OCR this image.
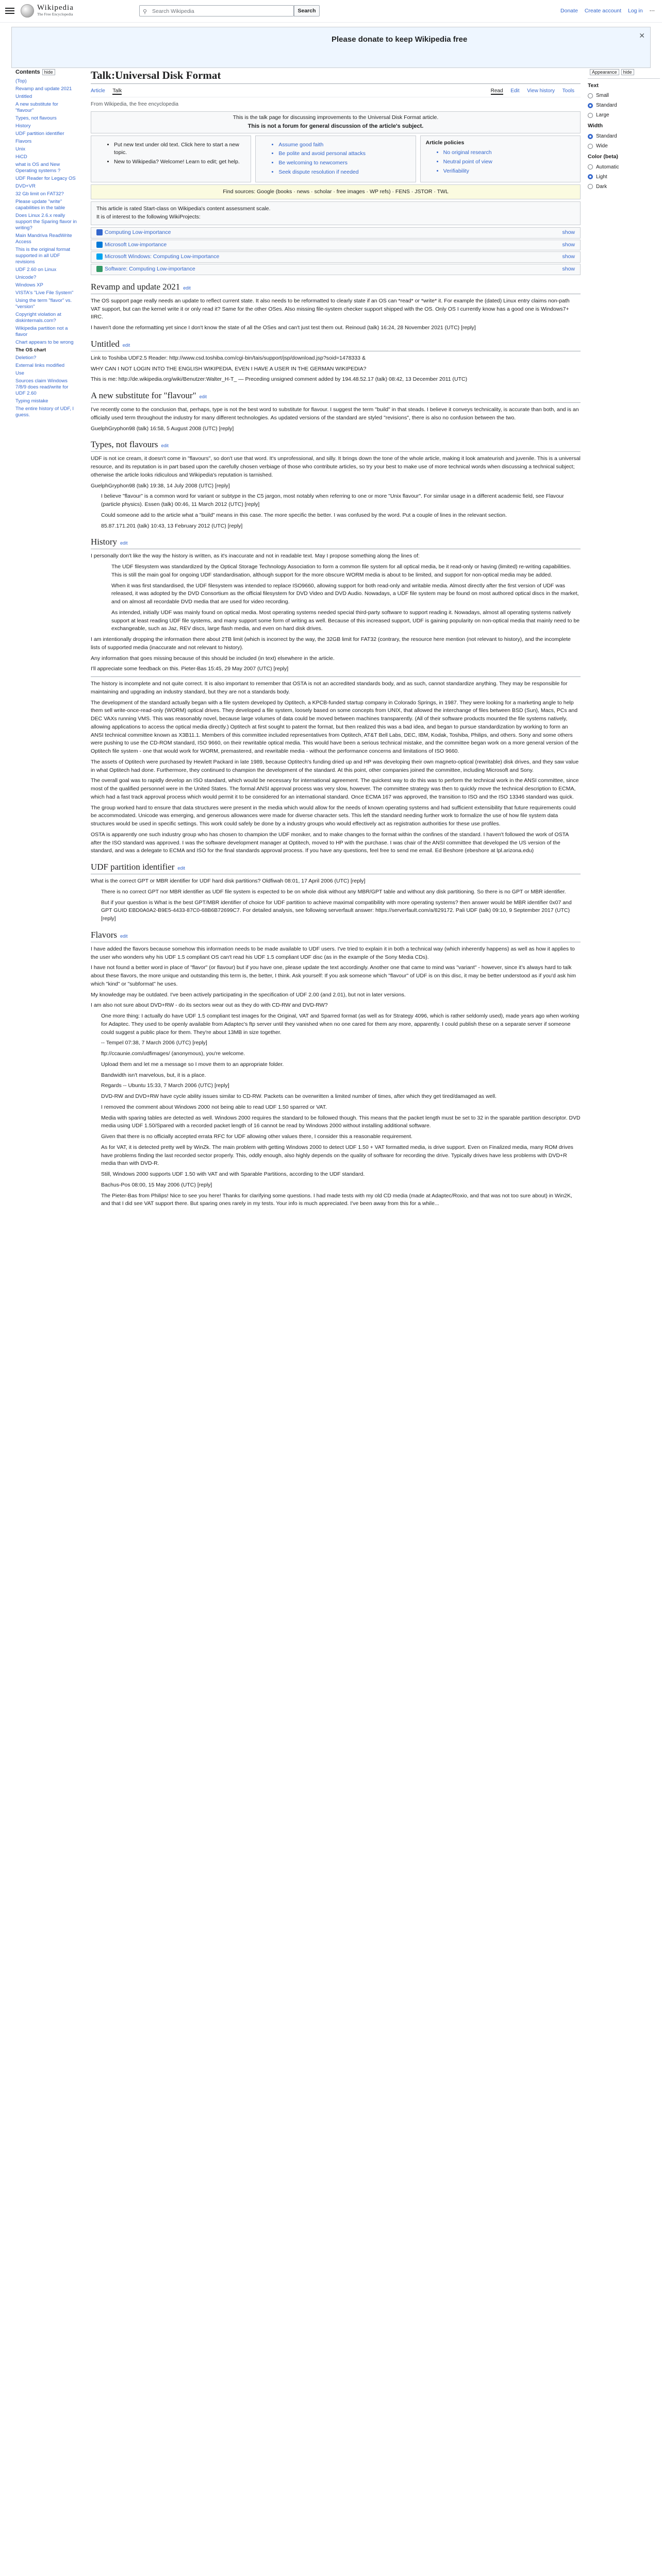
Wikipedia
The Free Encyclopedia	⚲ Search Wikipedia	Search	Donate Create account Log in ⋯
Please donate to keep Wikipedia free	✕
Contents hide
(Top)
Revamp and update 2021
Untitled
A new substitute for "flavour"
Types, not flavours
History
UDF partition identifier
Flavors
Unix
HiCD
what is OS and New Operating systems ?
UDF Reader for Legacy OS
DVD+VR
32 Gb limit on FAT32?
Please update "write" capabilities in the table
Does Linux 2.6.x really support the Sparing flavor in writing?
Main Mandriva ReadWrite Access
This is the original format supported in all UDF revisions
UDF 2.60 on Linux
Unicode?
Windows XP
VISTA's "Live File System"
Using the term "flavor" vs. "version"
Copyright violation at diskinternals.com?
Wikipedia partition not a flavor
Chart appears to be wrong
The OS chart
Deletion?
External links modified
Use
Sources claim Windows 7/8/9 does read/write for UDF 2.60
Typing mistake
The entire history of UDF, I guess.
Appearance hide
Text
Small
Standard
Large
Width
Standard
Wide
Color (beta)
Automatic
Light
Dark
Talk:Universal Disk Format
Article Talk	Read Edit View history Tools
From Wikipedia, the free encyclopedia
This is the talk page for discussing improvements to the Universal Disk Format article.
This is not a forum for general discussion of the article's subject.
• Put new text under old text. Click here to start a new topic.
• New to Wikipedia? Welcome! Learn to edit; get help.
• Assume good faith
• Be polite and avoid personal attacks
• Be welcoming to newcomers
• Seek dispute resolution if needed
Article policies
• No original research
• Neutral point of view
• Verifiability
Find sources: Google (books · news · scholar · free images · WP refs) · FENS · JSTOR · TWL
This article is rated Start-class on Wikipedia's content assessment scale.
It is of interest to the following WikiProjects:
Computing Low-importance	show
Microsoft Low-importance	show
Microsoft Windows: Computing Low-importance	show
Software: Computing Low-importance	show
Revamp and update 2021 edit

The OS support page really needs an update to reflect current state. It also needs to be reformatted to clearly state if an OS can *read* or *write* it. For example the (dated) Linux entry claims non-path VAT support, but can the kernel write it or only read it? Same for the other OSes. Also missing file-system checker support shipped with the OS. Only OS I currently know has a good one is Windows7+ IIRC.

I haven't done the reformatting yet since I don't know the state of all the OSes and can't just test them out. Reinoud (talk) 16:24, 28 November 2021 (UTC) [reply]

Untitled edit

Link to Toshiba UDF2.5 Reader: http://www.csd.toshiba.com/cgi-bin/tais/support/jsp/download.jsp?soid=1478333 &

WHY CAN I NOT LOGIN INTO THE ENGLISH WIKIPEDIA, EVEN I HAVE A USER IN THE GERMAN WIKIPEDIA?

This is me: http://de.wikipedia.org/wiki/Benutzer:Walter_H-T_ — Preceding unsigned comment added by 194.48.52.17 (talk) 08:42, 13 December 2011 (UTC)

A new substitute for "flavour" edit

I've recently come to the conclusion that, perhaps, type is not the best word to substitute for flavour. I suggest the term "build" in that steads. I believe it conveys technicality, is accurate than both, and is an officially used term throughout the industry for many different technologies. As updated versions of the standard are styled "revisions", there is also no confusion between the two.

GuelphGryphon98 (talk) 16:58, 5 August 2008 (UTC) [reply]

Types, not flavours edit

UDF is not ice cream, it doesn't come in "flavours", so don't use that word. It's unprofessional, and silly. It brings down the tone of the whole article, making it look amateurish and juvenile. This is a universal resource, and its reputation is in part based upon the carefully chosen verbiage of those who contribute articles, so try your best to make use of more technical words when discussing a technical subject; otherwise the article looks ridiculous and Wikipedia's reputation is tarnished.

GuelphGryphon98 (talk) 19:38, 14 July 2008 (UTC) [reply]

I believe "flavour" is a common word for variant or subtype in the C5 jargon, most notably when referring to one or more "Unix flavour". For similar usage in a different academic field, see Flavour (particle physics). Essen (talk) 00:46, 11 March 2012 (UTC) [reply]

Could someone add to the article what a "build" means in this case. The more specific the better. I was confused by the word. Put a couple of lines in the relevant section.

85.87.171.201 (talk) 10:43, 13 February 2012 (UTC) [reply]

History edit

I personally don't like the way the history is written, as it's inaccurate and not in readable text. May I propose something along the lines of:

The UDF filesystem was standardized by the Optical Storage Technology Association to form a common file system for all optical media, be it read-only or having (limited) re-writing capabilities. This is still the main goal for ongoing UDF standardisation, although support for the more obscure WORM media is about to be limited, and support for non-optical media may be added.

When it was first standardised, the UDF filesystem was intended to replace ISO9660, allowing support for both read-only and writable media. Almost directly after the first version of UDF was released, it was adopted by the DVD Consortium as the official filesystem for DVD Video and DVD Audio. Nowadays, a UDF file system may be found on most authored optical discs in the market, and on almost all recordable DVD media that are used for video recording.

As intended, initially UDF was mainly found on optical media. Most operating systems needed special third-party software to support reading it. Nowadays, almost all operating systems natively support at least reading UDF file systems, and many support some form of writing as well. Because of this increased support, UDF is gaining popularity on non-optical media that mainly need to be exchangeable, such as Jaz, REV discs, large flash media, and even on hard disk drives.

I am intentionally dropping the information there about 2TB limit (which is incorrect by the way, the 32GB limit for FAT32 (contrary, the resource here mention (not relevant to history), and the incomplete lists of supported media (inaccurate and not relevant to history).

Any information that goes missing because of this should be included (in text) elsewhere in the article.

I'll appreciate some feedback on this. Pieter-Bas 15:45, 29 May 2007 (UTC) [reply]

The history is incomplete and not quite correct. It is also important to remember that OSTA is not an accredited standards body, and as such, cannot standardize anything. They may be responsible for maintaining and upgrading an industry standard, but they are not a standards body.

The development of the standard actually began with a file system developed by Optitech, a KPCB-funded startup company in Colorado Springs, in 1987. They were looking for a marketing angle to help them sell write-once-read-only (WORM) optical drives. They developed a file system, loosely based on some concepts from UNIX, that allowed the interchange of files between BSD (Sun), Macs, PCs and DEC VAXs running VMS. This was reasonably novel, because large volumes of data could be moved between machines transparently. (All of their software products mounted the file systems natively, allowing applications to access the optical media directly.) Optitech at first sought to patent the format, but then realized this was a bad idea, and began to pursue standardization by working to form an ANSI technical committee known as X3B11.1. Members of this committee included representatives from Optitech, AT&T Bell Labs, DEC, IBM, Kodak, Toshiba, Philips, and others. Sony and some others were pushing to use the CD-ROM standard, ISO 9660, on their rewritable optical media. This would have been a serious technical mistake, and the committee began work on a more general version of the Optitech file system - one that would work for WORM, premastered, and rewritable media - without the performance concerns and limitations of ISO 9660.

The assets of Optitech were purchased by Hewlett Packard in late 1989, because Optitech's funding dried up and HP was developing their own magneto-optical (rewritable) disk drives, and they saw value in what Optitech had done. Furthermore, they continued to champion the development of the standard. At this point, other companies joined the committee, including Microsoft and Sony.

The overall goal was to rapidly develop an ISO standard, which would be necessary for international agreement. The quickest way to do this was to perform the technical work in the ANSI committee, since most of the qualified personnel were in the United States. The formal ANSI approval process was very slow, however. The committee strategy was then to quickly move the technical description to ECMA, which had a fast track approval process which would permit it to be considered for an international standard. Once ECMA 167 was approved, the transition to ISO and the ISO 13346 standard was quick.

The group worked hard to ensure that data structures were present in the media which would allow for the needs of known operating systems and had sufficient extensibility that future requirements could be accommodated. Unicode was emerging, and generous allowances were made for diverse character sets. This left the standard needing further work to formalize the use of how file system data structures would be used in specific settings. This work could safely be done by a industry groups who would effectively act as registration authorities for these use profiles.

OSTA is apparently one such industry group who has chosen to champion the UDF moniker, and to make changes to the format within the confines of the standard. I haven't followed the work of OSTA after the ISO standard was approved. I was the software development manager at Optitech, moved to HP with the purchase. I was chair of the ANSI committee that developed the US version of the standard, and was a delegate to ECMA and ISO for the final standards approval process. If you have any questions, feel free to send me email. Ed Beshore (ebeshore at lpl.arizona.edu)

UDF partition identifier edit

What is the correct GPT or MBR identifier for UDF hard disk partitions? Oldfiwah 08:01, 17 April 2006 (UTC) [reply]

There is no correct GPT nor MBR identifier as UDF file system is expected to be on whole disk without any MBR/GPT table and without any disk partitioning. So there is no GPT or MBR identifier.

But if your question is What is the best GPT/MBR identifier of choice for UDF partition to achieve maximal compatibility with more operating systems? then answer would be MBR identifier 0x07 and GPT GUID EBD0A0A2-B9E5-4433-87C0-68B6B72699C7. For detailed analysis, see following serverfault answer: https://serverfault.com/a/829172. Pali UDF (talk) 09:10, 9 September 2017 (UTC) [reply]

Flavors edit

I have added the flavors because somehow this information needs to be made available to UDF users. I've tried to explain it in both a technical way (which inherently happens) as well as how it applies to the user who wonders why his UDF 1.5 compliant OS can't read his UDF 1.5 compliant UDF disc (as in the example of the Sony Media CDs).

I have not found a better word in place of "flavor" (or flavour) but if you have one, please update the text accordingly. Another one that came to mind was "variant" - however, since it's always hard to talk about these flavors, the more unique and outstanding this term is, the better, I think. Ask yourself: If you ask someone which "flavour" of UDF is on this disc, it may be better understood as if you'd ask him which "kind" or "subformat" he uses.

My knowledge may be outdated. I've been actively participating in the specification of UDF 2.00 (and 2.01), but not in later versions.

I am also not sure about DVD+RW - do its sectors wear out as they do with CD-RW and DVD-RW?

One more thing: I actually do have UDF 1.5 compliant test images for the Original, VAT and Sparred format (as well as for Strategy 4096, which is rather seldomly used), made years ago when working for Adaptec. They used to be openly available from Adaptec's ftp server until they vanished when no one cared for them any more, apparently. I could publish these on a separate server if someone could suggest a public place for them. They're about 13MB in size together.

-- Tempel 07:38, 7 March 2006 (UTC) [reply]

ftp://ccaunie.com/udfimages/ (anonymous), you're welcome.

Upload them and let me a message so I move them to an appropriate folder.

Bandwidth isn't marvelous, but, it is a place.

Regards -- Ubuntu 15:33, 7 March 2006 (UTC) [reply]

DVD-RW and DVD+RW have cycle ability issues similar to CD-RW. Packets can be overwritten a limited number of times, after which they get tired/damaged as well.

I removed the comment about Windows 2000 not being able to read UDF 1.50 sparred or VAT.

Media with sparing tables are detected as well. Windows 2000 requires the standard to be followed though. This means that the packet length must be set to 32 in the sparable partition descriptor. DVD media using UDF 1.50/Spared with a recorded packet length of 16 cannot be read by Windows 2000 without installing additional software.

Given that there is no officially accepted errata RFC for UDF allowing other values there, I consider this a reasonable requirement.

As for VAT, it is detected pretty well by WinZk. The main problem with getting Windows 2000 to detect UDF 1.50 + VAT formatted media, is drive support. Even on Finalized media, many ROM drives have problems finding the last recorded sector properly. This, oddly enough, also highly depends on the quality of software for recording the drive. Typically drives have less problems with DVD+R media than with DVD-R.

Still, Windows 2000 supports UDF 1.50 with VAT and with Sparable Partitions, according to the UDF standard.

Bachus-Pos 08:00, 15 May 2006 (UTC) [reply]

The Pieter-Bas from Philips! Nice to see you here! Thanks for clarifying some questions. I had made tests with my old CD media (made at Adaptec/Roxio, and that was not too sure about) in Win2K, and that I did see VAT support there. But sparing ones rarely in my tests. Your info is much appreciated. I've been away from this for a while...
